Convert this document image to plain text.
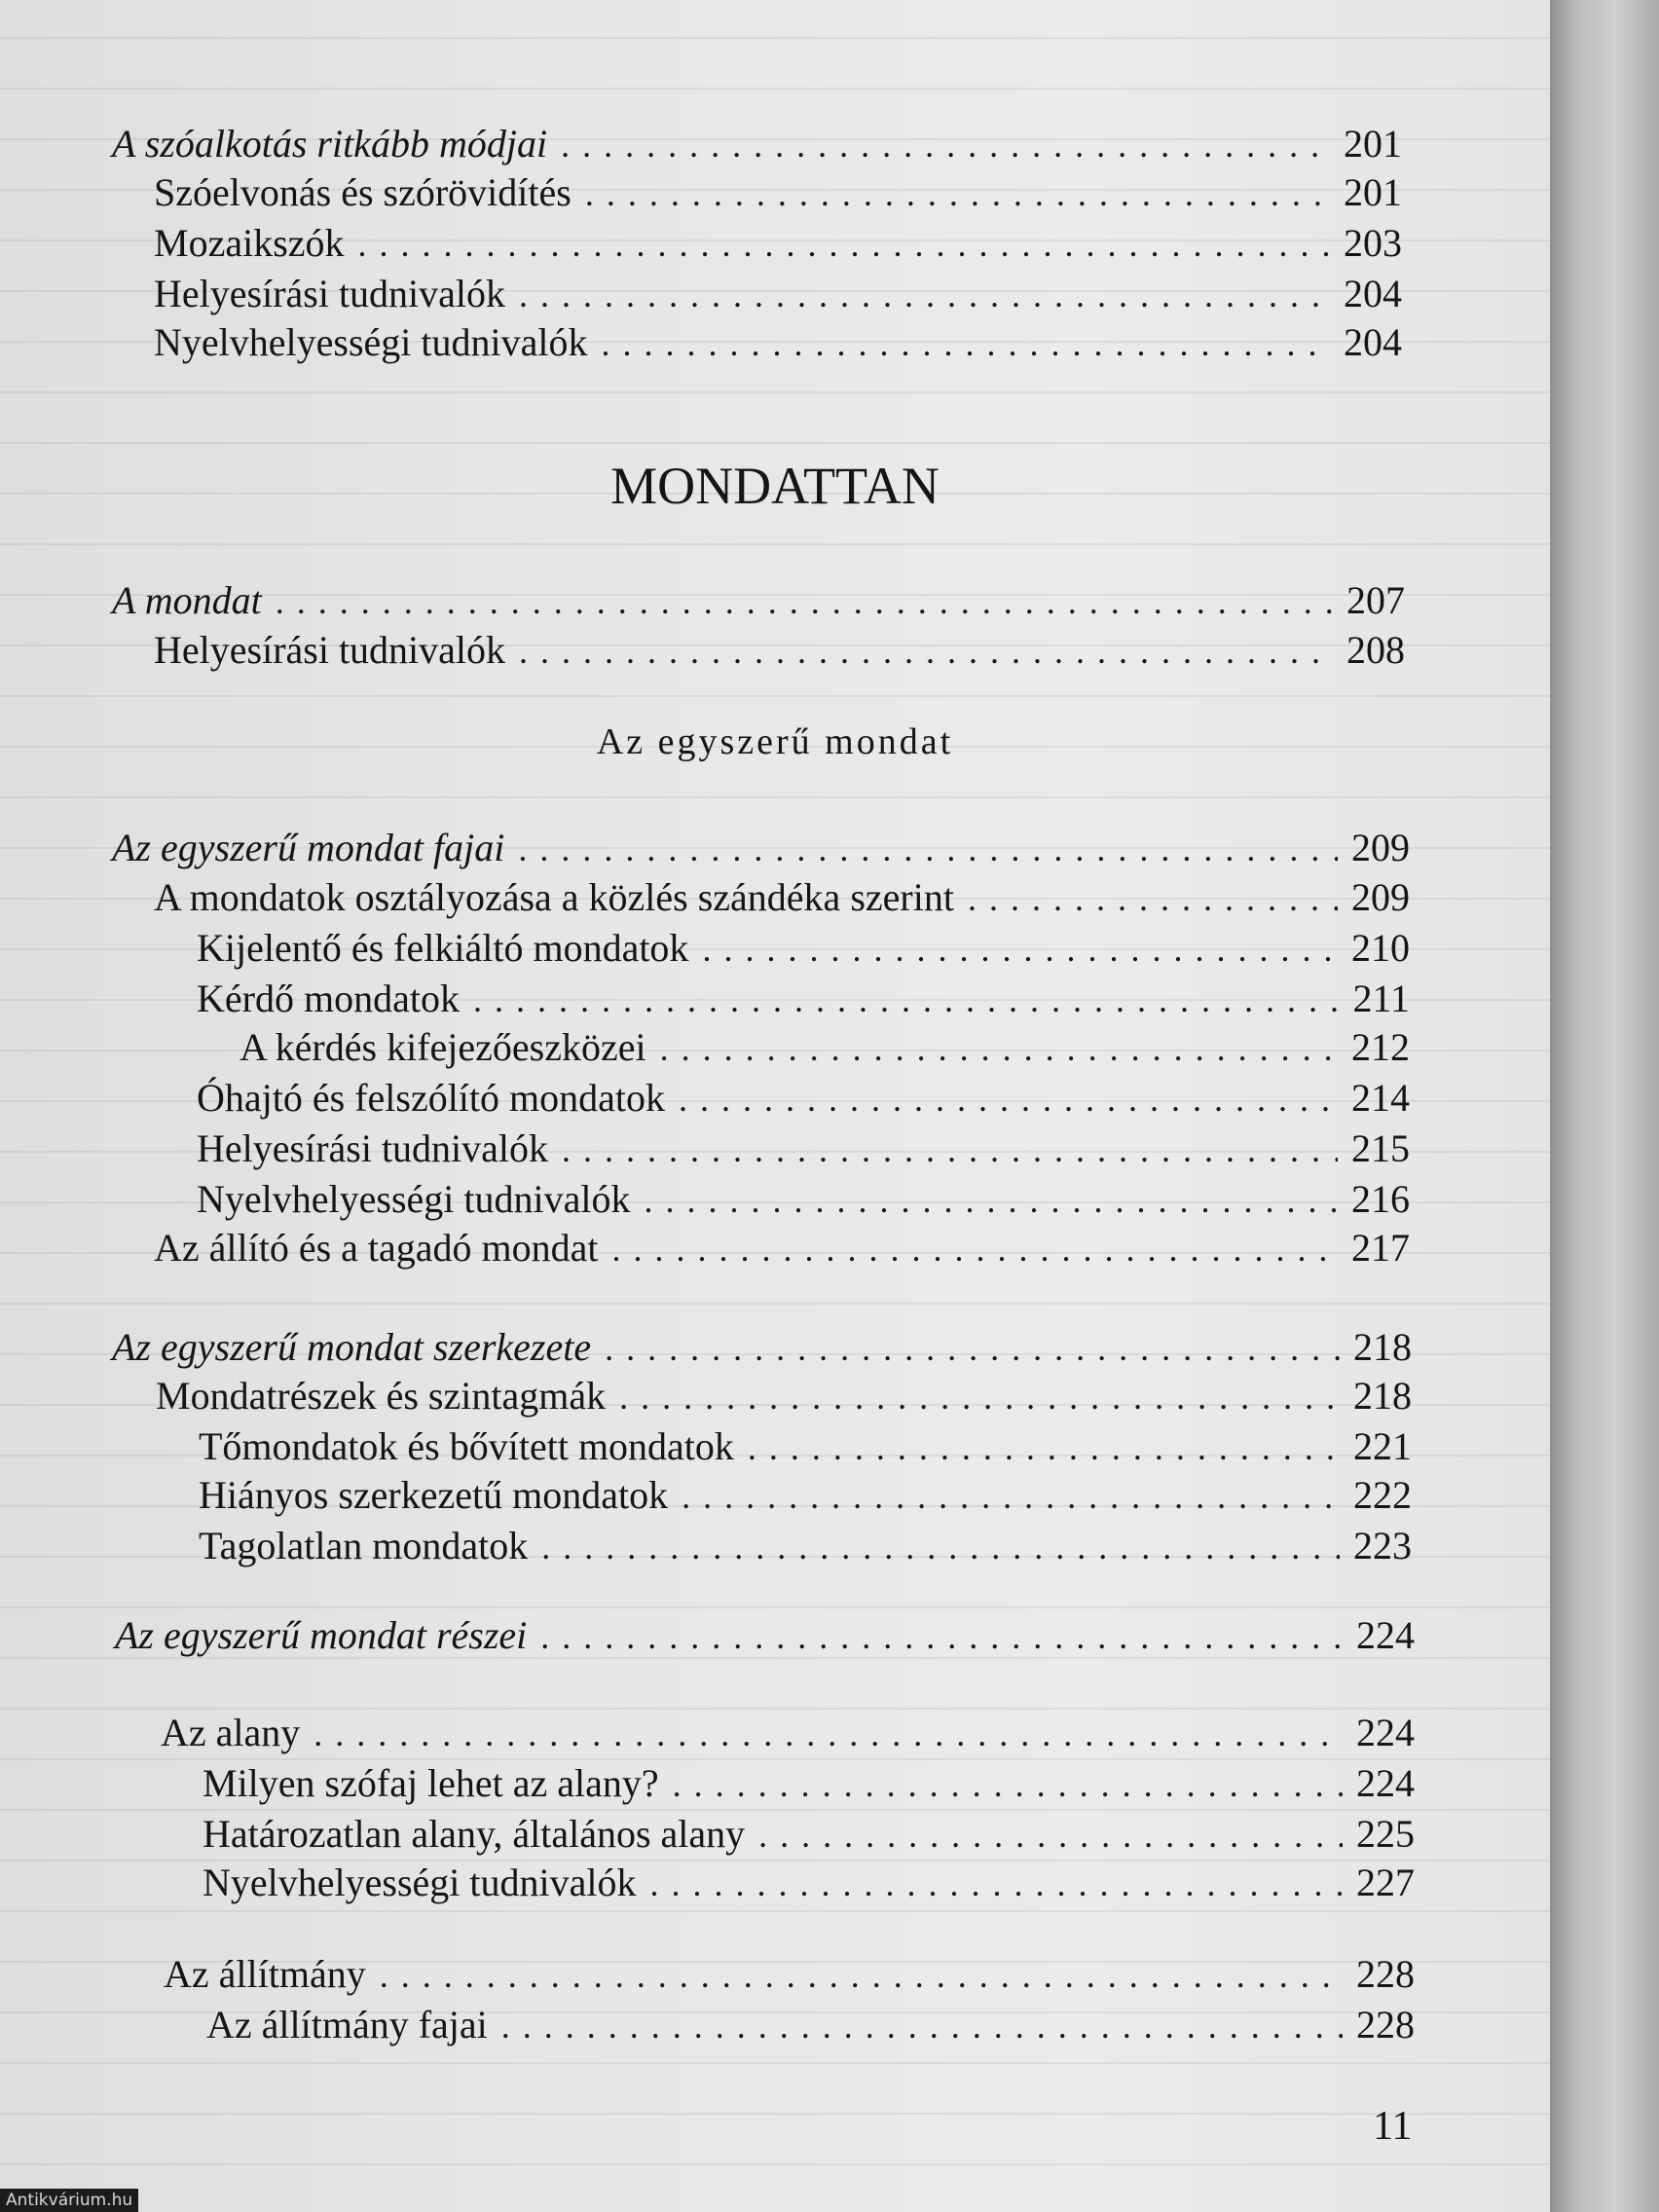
A szóalkotás ritkább módjai . . .	201
Szóelvonás és szórövidítés . . .	201
Mozaikszók . . .	203
Helyesírási tudnivalók . . .	204
Nyelvhelyességi tudnivalók . . .	204
MONDATTAN
A mondat . . .	207
Helyesírási tudnivalók . . .	208
Az egyszerű mondat
Az egyszerű mondat fajai . . .	209
A mondatok osztályozása a közlés szándéka szerint . . .	209
Kijelentő és felkiáltó mondatok . . .	210
Kérdő mondatok . . .	211
A kérdés kifejezőeszközei . . .	212
Óhajtó és felszólító mondatok . . .	214
Helyesírási tudnivalók . . .	215
Nyelvhelyességi tudnivalók . . .	216
Az állító és a tagadó mondat . . .	217
Az egyszerű mondat szerkezete . . .	218
Mondatrészek és szintagmák . . .	218
Tőmondatok és bővített mondatok . . .	221
Hiányos szerkezetű mondatok . . .	222
Tagolatlan mondatok . . .	223
Az egyszerű mondat részei . . .	224
Az alany . . .	224
Milyen szófaj lehet az alany? . . .	224
Határozatlan alany, általános alany . . .	225
Nyelvhelyességi tudnivalók . . .	227
Az állítmány . . .	228
Az állítmány fajai . . .	228
11
Antikvárium.hu
